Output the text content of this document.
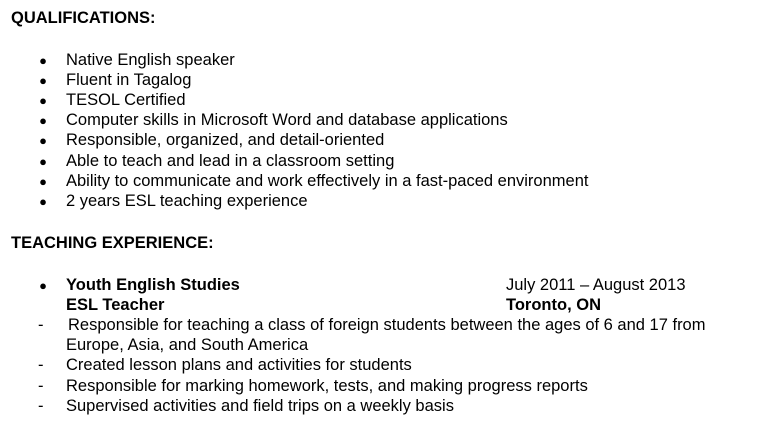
QUALIFICATIONS:
● Native English speaker
● Fluent in Tagalog
● TESOL Certified
● Computer skills in Microsoft Word and database applications
● Responsible, organized, and detail-oriented
● Able to teach and lead in a classroom setting
● Ability to communicate and work effectively in a fast-paced environment
● 2 years ESL teaching experience
TEACHING EXPERIENCE:
● Youth English Studies	July 2011 – August 2013
ESL Teacher	Toronto, ON
-	Responsible for teaching a class of foreign students between the ages of 6 and 17 from
Europe, Asia, and South America
-	Created lesson plans and activities for students
-	Responsible for marking homework, tests, and making progress reports
-	Supervised activities and field trips on a weekly basis
